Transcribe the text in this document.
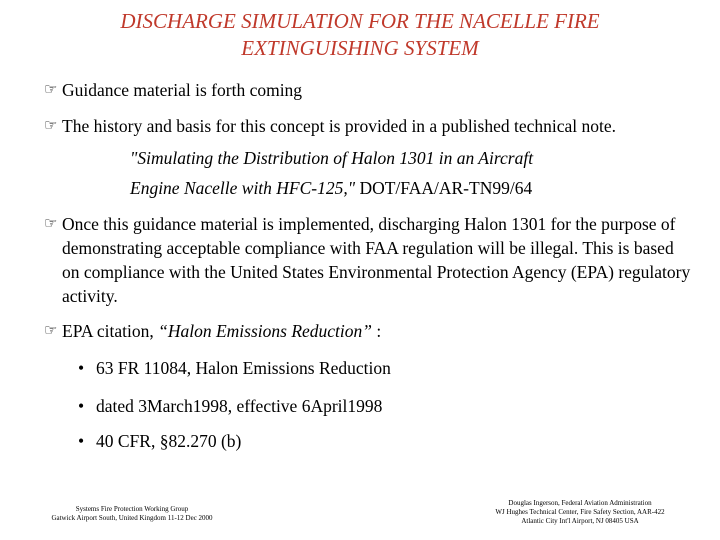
DISCHARGE SIMULATION FOR THE NACELLE FIRE
EXTINGUISHING SYSTEM
☞ Guidance material is forth coming
☞ The history and basis for this concept is provided in a published technical note.
"Simulating the Distribution of Halon 1301 in an Aircraft
Engine Nacelle with HFC-125," DOT/FAA/AR-TN99/64
☞ Once this guidance material is implemented, discharging Halon 1301 for the purpose of demonstrating acceptable compliance with FAA regulation will be illegal. This is based on compliance with the United States Environmental Protection Agency (EPA) regulatory activity.
☞ EPA citation, “Halon Emissions Reduction” :
• 63 FR 11084, Halon Emissions Reduction
• dated 3March1998, effective 6April1998
• 40 CFR, §82.270 (b)
Systems Fire Protection Working Group
Gatwick Airport South, United Kingdom 11-12 Dec 2000
Douglas Ingerson, Federal Aviation Administration
WJ Hughes Technical Center, Fire Safety Section, AAR-422
Atlantic City Int'l Airport, NJ 08405 USA
